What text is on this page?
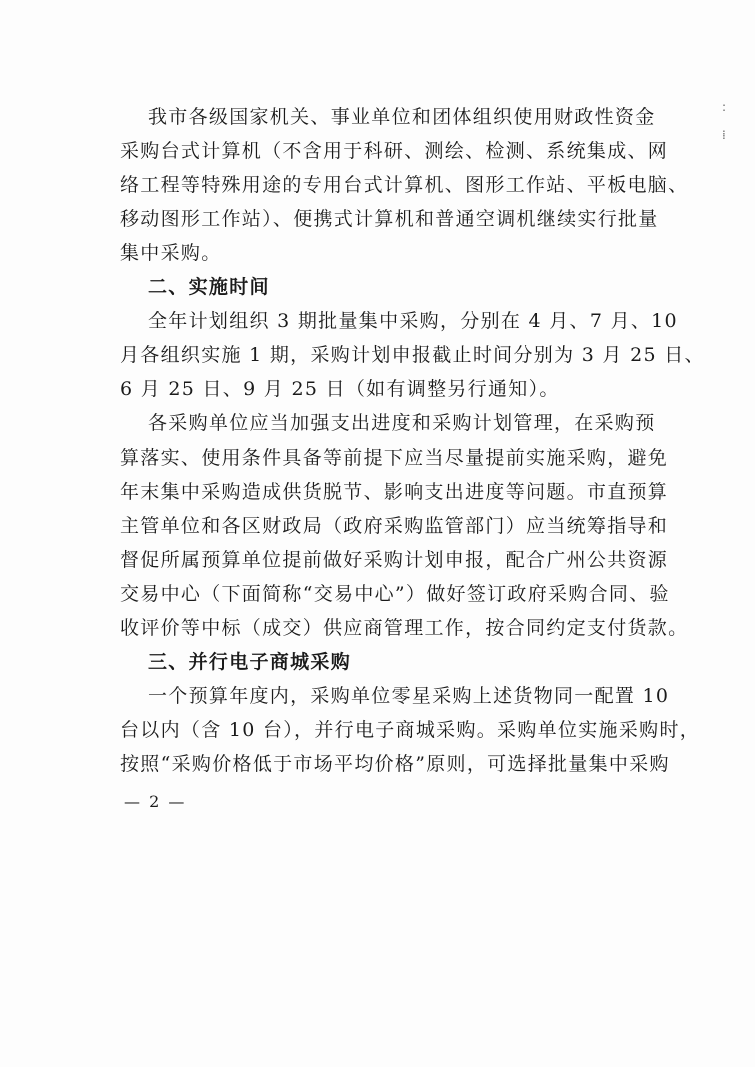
:
⁞
我市各级国家机关、事业单位和团体组织使用财政性资金
采购台式计算机（不含用于科研、测绘、检测、系统集成、网
络工程等特殊用途的专用台式计算机、图形工作站、平板电脑、
移动图形工作站）、便携式计算机和普通空调机继续实行批量
集中采购。
二、实施时间
全年计划组织 3 期批量集中采购，分别在 4 月、7 月、10
月各组织实施 1 期，采购计划申报截止时间分别为 3 月 25 日、
6 月 25 日、9 月 25 日（如有调整另行通知）。
各采购单位应当加强支出进度和采购计划管理，在采购预
算落实、使用条件具备等前提下应当尽量提前实施采购，避免
年末集中采购造成供货脱节、影响支出进度等问题。市直预算
主管单位和各区财政局（政府采购监管部门）应当统筹指导和
督促所属预算单位提前做好采购计划申报，配合广州公共资源
交易中心（下面简称“交易中心”）做好签订政府采购合同、验
收评价等中标（成交）供应商管理工作，按合同约定支付货款。
三、并行电子商城采购
一个预算年度内，采购单位零星采购上述货物同一配置 10
台以内（含 10 台），并行电子商城采购。采购单位实施采购时，
按照“采购价格低于市场平均价格”原则，可选择批量集中采购
— 2 —
